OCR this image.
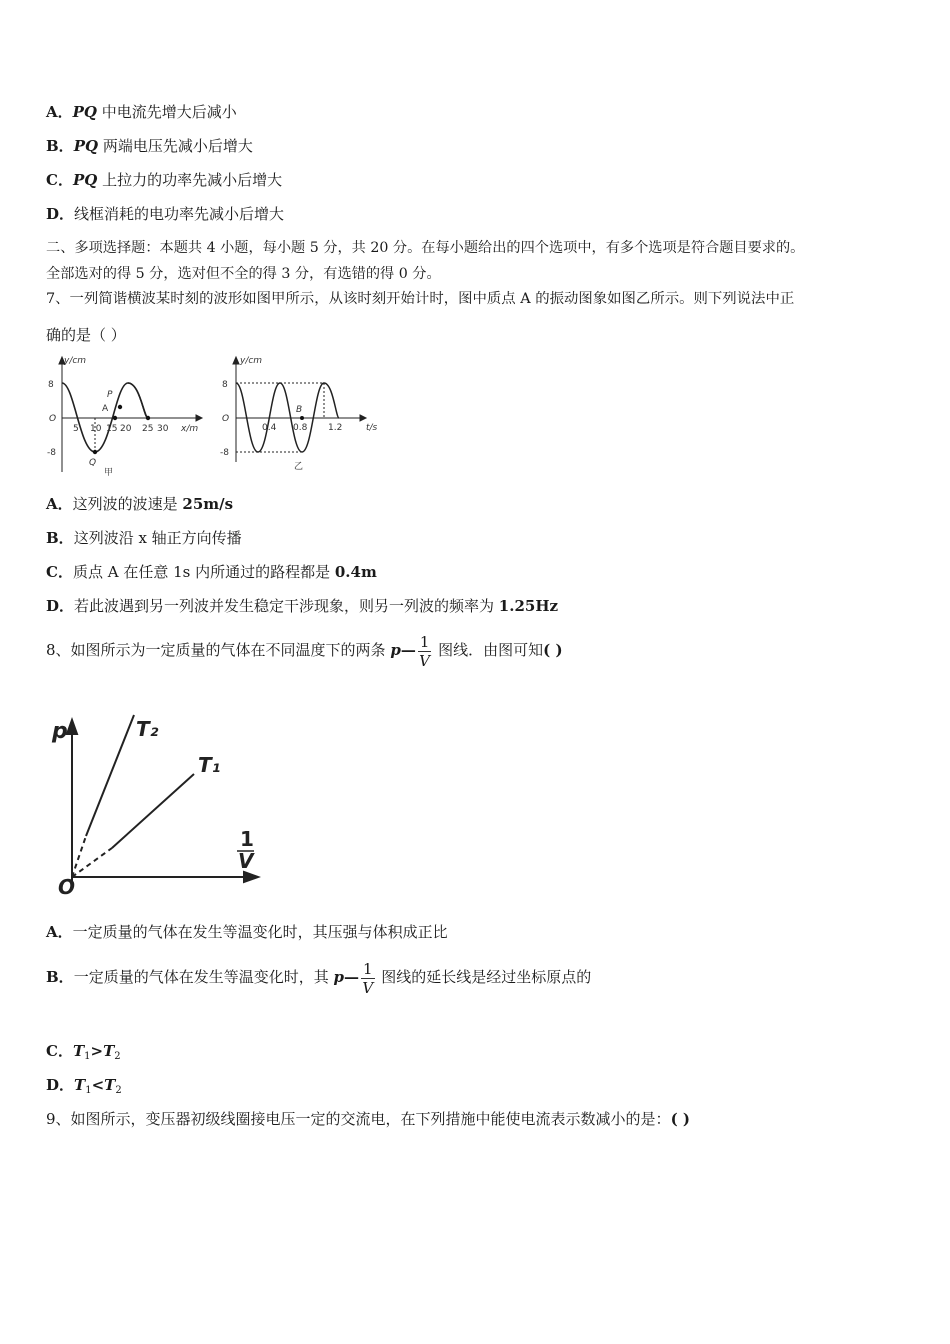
A．PQ 中电流先增大后减小
B．PQ 两端电压先减小后增大
C．PQ 上拉力的功率先减小后增大
D．线框消耗的电功率先减小后增大
二、多项选择题：本题共 4 小题，每小题 5 分，共 20 分。在每小题给出的四个选项中，有多个选项是符合题目要求的。
全部选对的得 5 分，选对但不全的得 3 分，有选错的得 0 分。
7、一列简谐横波某时刻的波形如图甲所示，从该时刻开始计时，图中质点 A 的振动图象如图乙所示。则下列说法中正
确的是（ ）
y/cm
8
O
-8
5 10 15 20 25 30 x/m
P
A
Q
甲
y/cm
8
O
-8
0.4 0.8 1.2	t/s
B
乙
A．这列波的波速是 25m/s
B．这列波沿 x 轴正方向传播
C．质点 A 在任意 1s 内所通过的路程都是 0.4m
D．若此波遇到另一列波并发生稳定干涉现象，则另一列波的频率为 1.25Hz
8、如图所示为一定质量的气体在不同温度下的两条 p— $\frac{1}{V}$ 图线．由图可知( )
p	T₂
T₁
O
1
V
A．一定质量的气体在发生等温变化时，其压强与体积成正比
B．一定质量的气体在发生等温变化时，其 p— $\frac{1}{V}$ 图线的延长线是经过坐标原点的
C．$T_1>T_2$
D．$T_1<T_2$
9、如图所示，变压器初级线圈接电压一定的交流电，在下列措施中能使电流表示数减小的是：( )
